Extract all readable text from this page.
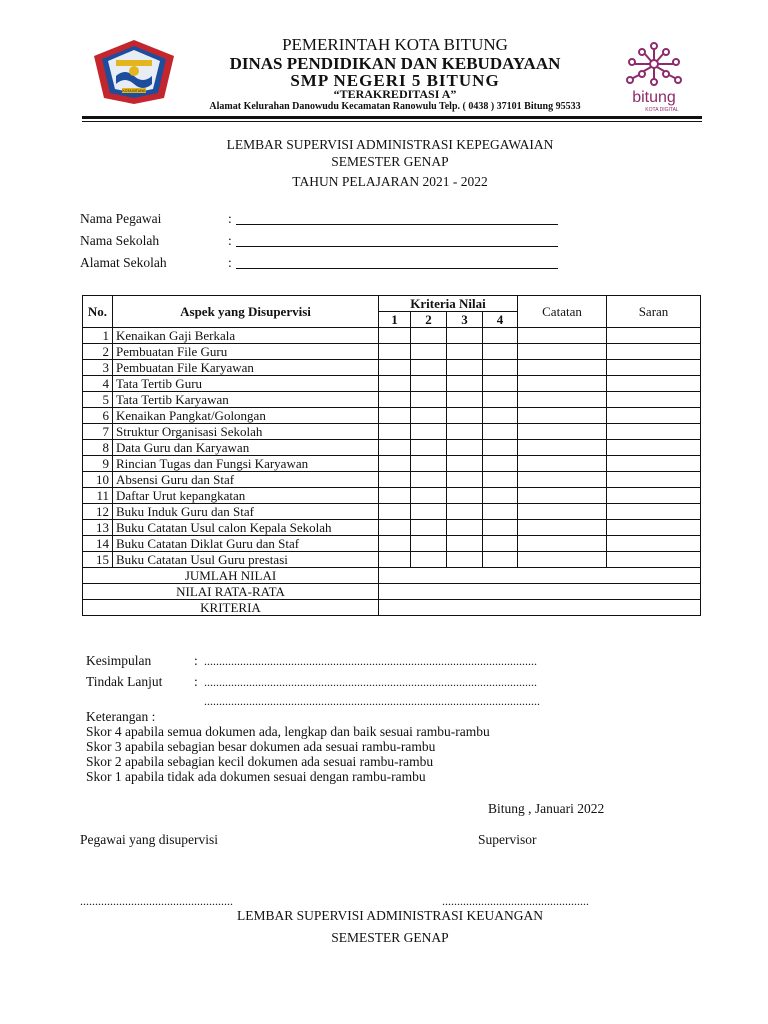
KOTA BITUNG	bitung
KOTA DIGITAL
PEMERINTAH KOTA BITUNG
DINAS PENDIDIKAN DAN KEBUDAYAAN
SMP NEGERI 5 BITUNG
“TERAKREDITASI A”
Alamat Kelurahan Danowudu Kecamatan Ranowulu Telp. ( 0438 ) 37101 Bitung 95533
LEMBAR SUPERVISI ADMINISTRASI KEPEGAWAIAN
SEMESTER GENAP
TAHUN PELAJARAN 2021 - 2022
Nama Pegawai	:
Nama Sekolah	:
Alamat Sekolah	:
No.	Aspek yang Disupervisi	Kriteria Nilai				Catatan	Saran
		1	2	3	4		
1	Kenaikan Gaji Berkala						
2	Pembuatan File Guru						
3	Pembuatan File Karyawan						
4	Tata Tertib Guru						
5	Tata Tertib Karyawan						
6	Kenaikan Pangkat/Golongan						
7	Struktur Organisasi Sekolah						
8	Data Guru dan Karyawan						
9	Rincian Tugas dan Fungsi Karyawan						
10	Absensi Guru dan Staf						
11	Daftar Urut kepangkatan						
12	Buku Induk Guru dan Staf						
13	Buku Catatan Usul calon Kepala Sekolah						
14	Buku Catatan Diklat Guru dan Staf						
15	Buku Catatan Usul Guru prestasi						
JUMLAH NILAI							
NILAI RATA-RATA							
KRITERIA							
Kesimpulan	: ...............................................................................................................
Tindak Lanjut : ...............................................................................................................
................................................................................................................
Keterangan :
Skor 4 apabila semua dokumen ada, lengkap dan baik sesuai rambu-rambu
Skor 3 apabila sebagian besar dokumen ada sesuai rambu-rambu
Skor 2 apabila sebagian kecil dokumen ada sesuai rambu-rambu
Skor 1 apabila tidak ada dokumen sesuai dengan rambu-rambu
Bitung , Januari 2022
Pegawai yang disupervisi	Supervisor
...................................................	.................................................
LEMBAR SUPERVISI ADMINISTRASI KEUANGAN
SEMESTER GENAP
